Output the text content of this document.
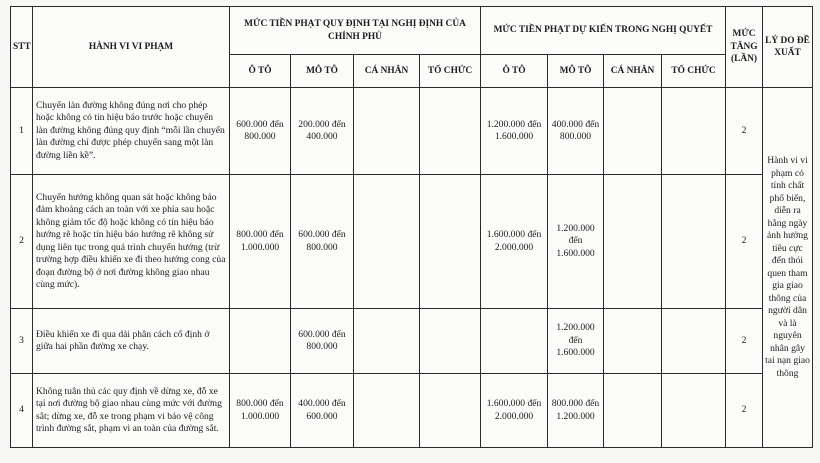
STT	HÀNH VI VI PHẠM	MỨC TIỀN PHẠT QUY ĐỊNH TẠI NGHỊ ĐỊNH CỦA CHÍNH PHỦ				MỨC TIỀN PHẠT DỰ KIẾN TRONG NGHỊ QUYẾT				MỨC TĂNG (LẦN)	LÝ DO ĐỀ XUẤT
		Ô TÔ	MÔ TÔ	CÁ NHÂN	TỔ CHỨC	Ô TÔ	MÔ TÔ	CÁ NHÂN	TỔ CHỨC		
1	Chuyển làn đường không đúng nơi cho phép hoặc không có tín hiệu báo trước hoặc chuyển làn đường không đúng quy định “mỗi lần chuyển làn đường chỉ được phép chuyển sang một làn đường liền kề”.	600.000 đến 800.000	200.000 đến 400.000			1.200.000 đến 1.600.000	400.000 đến 800.000			2	Hành vi vi phạm có tính chất phổ biến, diễn ra hằng ngày ảnh hưởng tiêu cực đến thói quen tham gia giao thông của người dân và là nguyên nhân gây tai nạn giao thông
2	Chuyển hướng không quan sát hoặc không bảo đảm khoảng cách an toàn với xe phía sau hoặc không giảm tốc độ hoặc không có tín hiệu báo hướng rẽ hoặc tín hiệu báo hướng rẽ không sử dụng liên tục trong quá trình chuyển hướng (trừ trường hợp điều khiển xe đi theo hướng cong của đoạn đường bộ ở nơi đường không giao nhau cùng mức).	800.000 đến 1.000.000	600.000 đến 800.000			1.600.000 đến 2.000.000	1.200.000 đến 1.600.000			2	
3	Điều khiển xe đi qua dải phân cách cố định ở giữa hai phần đường xe chạy.		600.000 đến 800.000				1.200.000 đến 1.600.000			2	
4	Không tuân thủ các quy định về dừng xe, đỗ xe tại nơi đường bộ giao nhau cùng mức với đường sắt; dừng xe, đỗ xe trong phạm vi bảo vệ công trình đường sắt, phạm vi an toàn của đường sắt.	800.000 đến 1.000.000	400.000 đến 600.000			1.600.000 đến 2.000.000	800.000 đến 1.200.000			2	
